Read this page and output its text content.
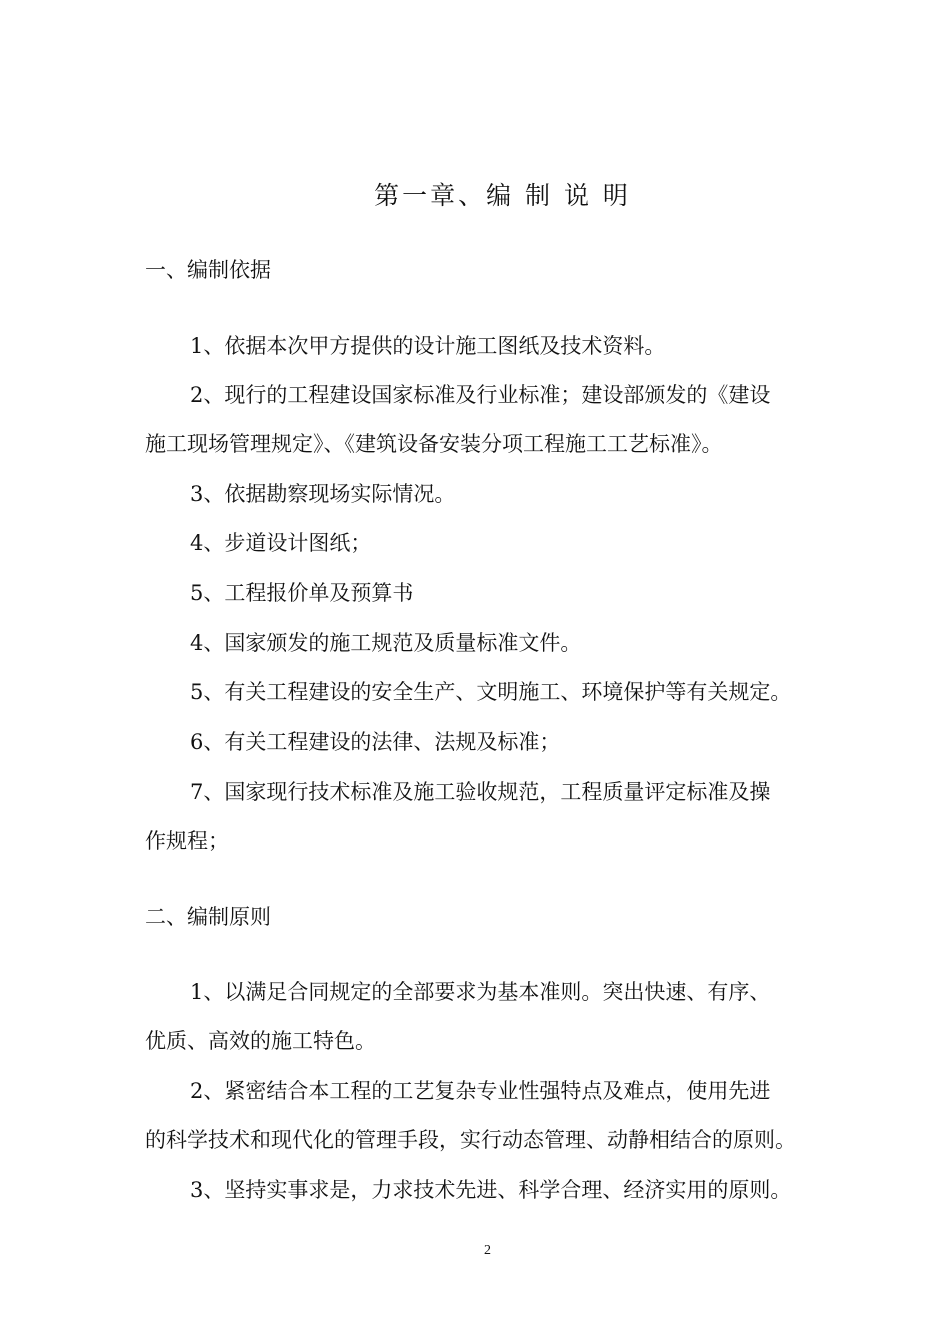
第一章、编 制 说 明
一、编制依据
1、依据本次甲方提供的设计施工图纸及技术资料。
2、现行的工程建设国家标准及行业标准；建设部颁发的《建设
施工现场管理规定》、《建筑设备安装分项工程施工工艺标准》。
3、依据勘察现场实际情况。
4、步道设计图纸；
5、工程报价单及预算书
4、国家颁发的施工规范及质量标准文件。
5、有关工程建设的安全生产、文明施工、环境保护等有关规定。
6、有关工程建设的法律、法规及标准；
7、国家现行技术标准及施工验收规范，工程质量评定标准及操
作规程；
二、编制原则
1、以满足合同规定的全部要求为基本准则。突出快速、有序、
优质、高效的施工特色。
2、紧密结合本工程的工艺复杂专业性强特点及难点，使用先进
的科学技术和现代化的管理手段，实行动态管理、动静相结合的原则。
3、坚持实事求是，力求技术先进、科学合理、经济实用的原则。
2
